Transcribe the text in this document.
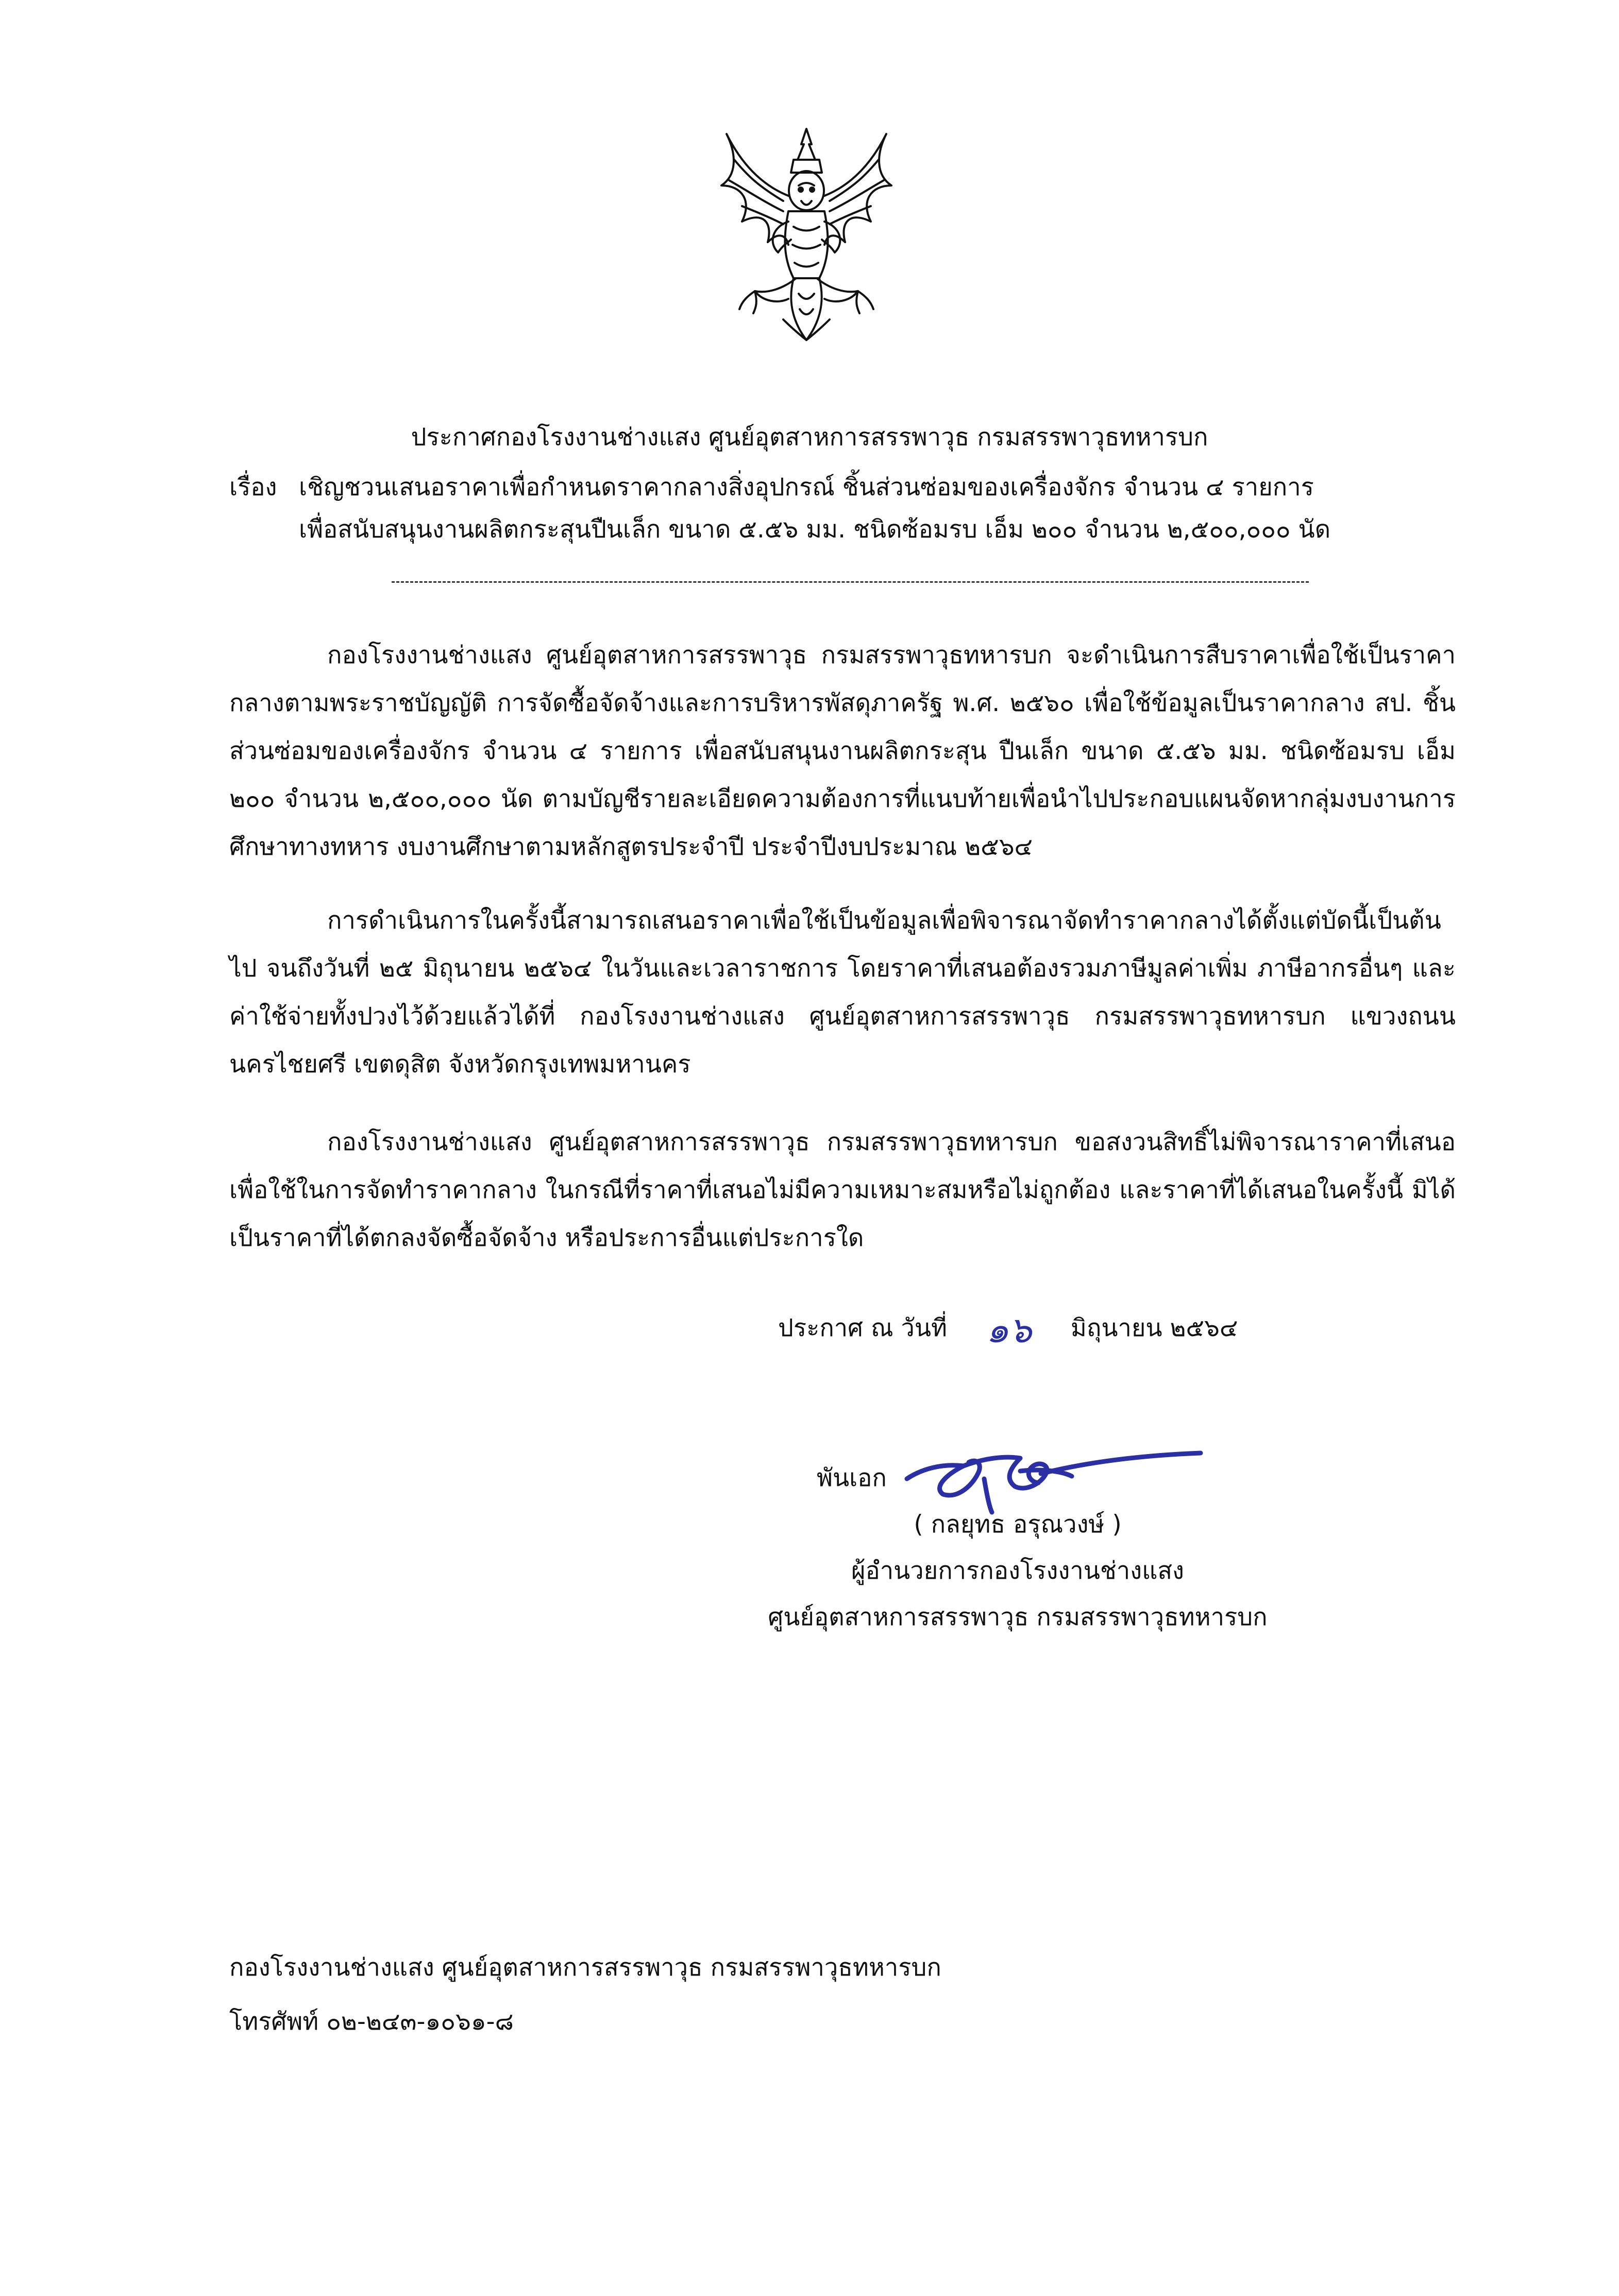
ประกาศกองโรงงานช่างแสง ศูนย์อุตสาหการสรรพาวุธ กรมสรรพาวุธทหารบก
เรื่อง เชิญชวนเสนอราคาเพื่อกำหนดราคากลางสิ่งอุปกรณ์ ชิ้นส่วนซ่อมของเครื่องจักร จำนวน ๔ รายการ
เพื่อสนับสนุนงานผลิตกระสุนปืนเล็ก ขนาด ๕.๕๖ มม. ชนิดซ้อมรบ เอ็ม ๒๐๐ จำนวน ๒,๕๐๐,๐๐๐ นัด

กองโรงงานช่างแสง ศูนย์อุตสาหการสรรพาวุธ กรมสรรพาวุธทหารบก จะดำเนินการสืบราคาเพื่อใช้เป็นราคากลางตามพระราชบัญญัติ การจัดซื้อจัดจ้างและการบริหารพัสดุภาครัฐ พ.ศ. ๒๕๖๐ เพื่อใช้ข้อมูลเป็นราคากลาง สป. ชิ้นส่วนซ่อมของเครื่องจักร จำนวน ๔ รายการ เพื่อสนับสนุนงานผลิตกระสุน ปืนเล็ก ขนาด ๕.๕๖ มม. ชนิดซ้อมรบ เอ็ม ๒๐๐ จำนวน ๒,๕๐๐,๐๐๐ นัด ตามบัญชีรายละเอียดความต้องการที่แนบท้ายเพื่อนำไปประกอบแผนจัดหากลุ่มงบงานการศึกษาทางทหาร งบงานศึกษาตามหลักสูตรประจำปี ประจำปีงบประมาณ ๒๕๖๔

การดำเนินการในครั้งนี้สามารถเสนอราคาเพื่อใช้เป็นข้อมูลเพื่อพิจารณาจัดทำราคากลางได้ตั้งแต่บัดนี้เป็นต้นไป จนถึงวันที่ ๒๕ มิถุนายน ๒๕๖๔ ในวันและเวลาราชการ โดยราคาที่เสนอต้องรวมภาษีมูลค่าเพิ่ม ภาษีอากรอื่นๆ และค่าใช้จ่ายทั้งปวงไว้ด้วยแล้วได้ที่ กองโรงงานช่างแสง ศูนย์อุตสาหการสรรพาวุธ กรมสรรพาวุธทหารบก แขวงถนนนครไชยศรี เขตดุสิต จังหวัดกรุงเทพมหานคร

กองโรงงานช่างแสง ศูนย์อุตสาหการสรรพาวุธ กรมสรรพาวุธทหารบก ขอสงวนสิทธิ์ไม่พิจารณาราคาที่เสนอเพื่อใช้ในการจัดทำราคากลาง ในกรณีที่ราคาที่เสนอไม่มีความเหมาะสมหรือไม่ถูกต้อง และราคาที่ได้เสนอในครั้งนี้ มิได้เป็นราคาที่ได้ตกลงจัดซื้อจัดจ้าง หรือประการอื่นแต่ประการใด

ประกาศ ณ วันที่ ๑๖ มิถุนายน ๒๕๖๔
พันเอก
( กลยุทธ อรุณวงษ์ )
ผู้อำนวยการกองโรงงานช่างแสง
ศูนย์อุตสาหการสรรพาวุธ กรมสรรพาวุธทหารบก
กองโรงงานช่างแสง ศูนย์อุตสาหการสรรพาวุธ กรมสรรพาวุธทหารบก
โทรศัพท์ ๐๒-๒๔๓-๑๐๖๑-๘
